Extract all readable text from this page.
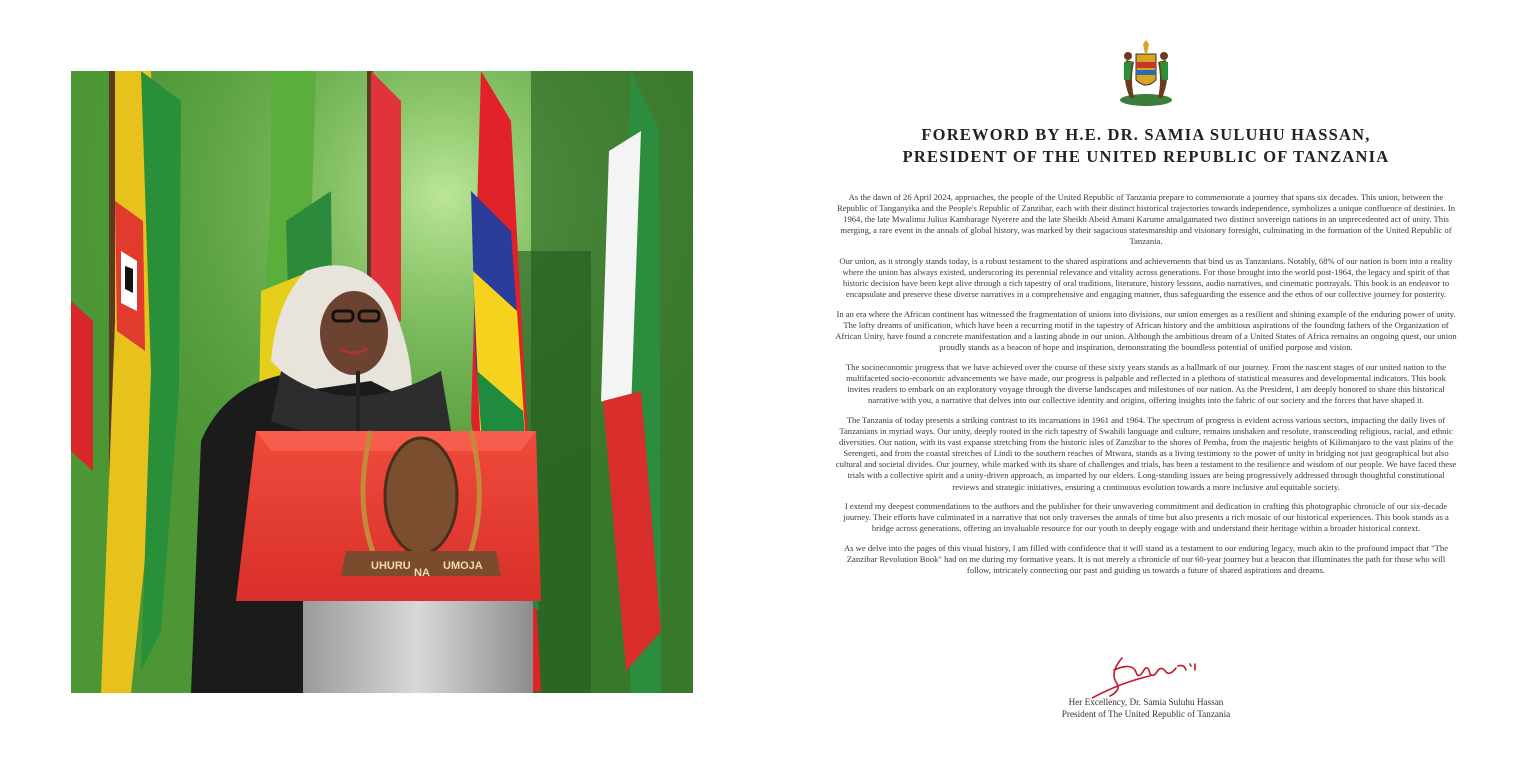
UHURU
NA
UMOJA
FOREWORD BY H.E. DR. SAMIA SULUHU HASSAN,
PRESIDENT OF THE UNITED REPUBLIC OF TANZANIA

As the dawn of 26 April 2024, approaches, the people of the United Republic of Tanzania prepare to commemorate a journey that spans six decades. This union, between the Republic of Tanganyika and the People's Republic of Zanzibar, each with their distinct historical trajectories towards independence, symbolizes a unique confluence of destinies. In 1964, the late Mwalimu Julius Kambarage Nyerere and the late Sheikh Abeid Amani Karume amalgamated two distinct sovereign nations in an unprecedented act of unity. This merging, a rare event in the annals of global history, was marked by their sagacious statesmanship and visionary foresight, culminating in the formation of the United Republic of Tanzania.

Our union, as it strongly stands today, is a robust testament to the shared aspirations and achievements that bind us as Tanzanians. Notably, 68% of our nation is born into a reality where the union has always existed, underscoring its perennial relevance and vitality across generations. For those brought into the world post-1964, the legacy and spirit of that historic decision have been kept alive through a rich tapestry of oral traditions, literature, history lessons, audio narratives, and cinematic portrayals. This book is an endeavor to encapsulate and preserve these diverse narratives in a comprehensive and engaging manner, thus safeguarding the essence and the ethos of our collective journey for posterity.

In an era where the African continent has witnessed the fragmentation of unions into divisions, our union emerges as a resilient and shining example of the enduring power of unity. The lofty dreams of unification, which have been a recurring motif in the tapestry of African history and the ambitious aspirations of the founding fathers of the Organization of African Unity, have found a concrete manifestation and a lasting abode in our union. Although the ambitious dream of a United States of Africa remains an ongoing quest, our union proudly stands as a beacon of hope and inspiration, demonstrating the boundless potential of unified purpose and vision.

The socioeconomic progress that we have achieved over the course of these sixty years stands as a hallmark of our journey. From the nascent stages of our united nation to the multifaceted socio-economic advancements we have made, our progress is palpable and reflected in a plethora of statistical measures and developmental indicators. This book invites readers to embark on an exploratory voyage through the diverse landscapes and milestones of our nation. As the President, I am deeply honored to share this historical narrative with you, a narrative that delves into our collective identity and origins, offering insights into the fabric of our society and the forces that have shaped it.

The Tanzania of today presents a striking contrast to its incarnations in 1961 and 1964. The spectrum of progress is evident across various sectors, impacting the daily lives of Tanzanians in myriad ways. Our unity, deeply rooted in the rich tapestry of Swahili language and culture, remains unshaken and resolute, transcending religious, racial, and ethnic diversities. Our nation, with its vast expanse stretching from the historic isles of Zanzibar to the shores of Pemba, from the majestic heights of Kilimanjaro to the vast plains of the Serengeti, and from the coastal stretches of Lindi to the southern reaches of Mtwara, stands as a living testimony to the power of unity in bridging not just geographical but also cultural and societal divides. Our journey, while marked with its share of challenges and trials, has been a testament to the resilience and wisdom of our people. We have faced these trials with a collective spirit and a unity-driven approach, as imparted by our elders. Long-standing issues are being progressively addressed through thoughtful constitutional reviews and strategic initiatives, ensuring a continuous evolution towards a more inclusive and equitable society.

I extend my deepest commendations to the authors and the publisher for their unwavering commitment and dedication in crafting this photographic chronicle of our six-decade journey. Their efforts have culminated in a narrative that not only traverses the annals of time but also presents a rich mosaic of our historical experiences. This book stands as a bridge across generations, offering an invaluable resource for our youth to deeply engage with and understand their heritage within a broader historical context.

As we delve into the pages of this visual history, I am filled with confidence that it will stand as a testament to our enduring legacy, much akin to the profound impact that "The Zanzibar Revolution Book" had on me during my formative years. It is not merely a chronicle of our 60-year journey but a beacon that illuminates the path for those who will follow, intricately connecting our past and guiding us towards a future of shared aspirations and dreams.

Her Excellency, Dr. Samia Suluhu Hassan
President of The United Republic of Tanzania
